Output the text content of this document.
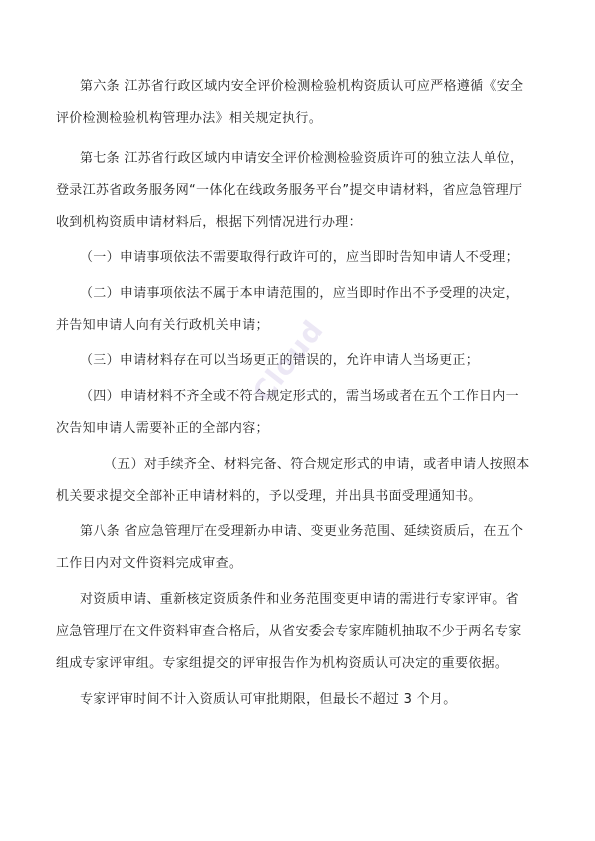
第六条 江苏省行政区域内安全评价检测检验机构资质认可应严格遵循《安全
评价检测检验机构管理办法》相关规定执行。
第七条 江苏省行政区域内申请安全评价检测检验资质许可的独立法人单位，
登录江苏省政务服务网“一体化在线政务服务平台”提交申请材料，省应急管理厅
收到机构资质申请材料后，根据下列情况进行办理：
（一）申请事项依法不需要取得行政许可的，应当即时告知申请人不受理；
（二）申请事项依法不属于本申请范围的，应当即时作出不予受理的决定，
并告知申请人向有关行政机关申请；
（三）申请材料存在可以当场更正的错误的，允许申请人当场更正；
（四）申请材料不齐全或不符合规定形式的，需当场或者在五个工作日内一
次告知申请人需要补正的全部内容；
（五）对手续齐全、材料完备、符合规定形式的申请，或者申请人按照本
机关要求提交全部补正申请材料的，予以受理，并出具书面受理通知书。
第八条 省应急管理厅在受理新办申请、变更业务范围、延续资质后，在五个
工作日内对文件资料完成审查。
对资质申请、重新核定资质条件和业务范围变更申请的需进行专家评审。省
应急管理厅在文件资料审查合格后，从省安委会专家库随机抽取不少于两名专家
组成专家评审组。专家组提交的评审报告作为机构资质认可决定的重要依据。
专家评审时间不计入资质认可审批期限，但最长不超过 3 个月。
Cloud
